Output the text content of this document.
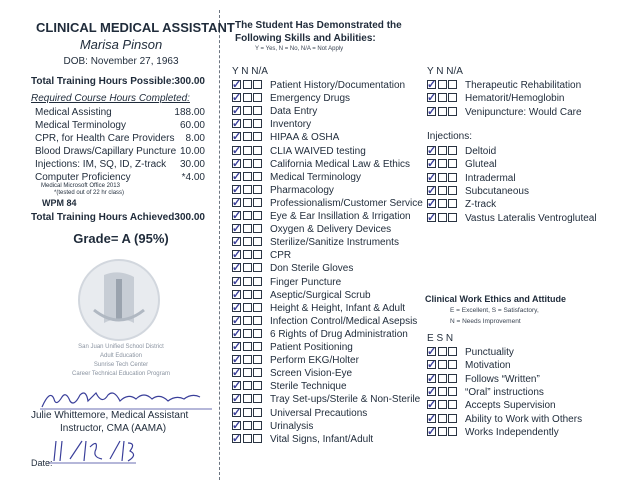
CLINICAL MEDICAL ASSISTANT
Marisa Pinson
DOB: November 27, 1963
Total Training Hours Possible: 300.00
Required Course Hours Completed:
Medical Assisting	188.00
Medical Terminology	60.00
CPR, for Health Care Providers 8.00
Blood Draws/Capillary Puncture 10.00
Injections: IM, SQ, ID, Z-track 30.00
Computer Proficiency	*4.00
Medical Microsoft Office 2013
*(tested out of 22 hr class)
WPM 84
Total Training Hours Achieved 300.00
Grade= A (95%)
San Juan Unified School District
Adult Education
Sunrise Tech Center
Career Technical Education Program
Julie Whittemore, Medical Assistant
Instructor, CMA (AAMA)
Date:
The Student Has Demonstrated the
Following Skills and Abilities:
Y = Yes, N = No, N/A = Not Apply
Y N N/A
✓	Patient History/Documentation
✓	Emergency Drugs
✓	Data Entry
✓	Inventory
✓	HIPAA & OSHA
✓	CLIA WAIVED testing
✓	California Medical Law & Ethics
✓	Medical Terminology
✓	Pharmacology
✓	Professionalism/Customer Service
✓	Eye & Ear Insillation & Irrigation
✓	Oxygen & Delivery Devices
✓	Sterilize/Sanitize Instruments
✓	CPR
✓	Don Sterile Gloves
✓	Finger Puncture
✓	Aseptic/Surgical Scrub
✓	Height & Height, Infant & Adult
✓	Infection Control/Medical Asepsis
✓	6 Rights of Drug Administration
✓	Patient Positioning
✓	Perform EKG/Holter
✓	Screen Vision-Eye
✓	Sterile Technique
✓	Tray Set-ups/Sterile & Non-Sterile
✓	Universal Precautions
✓	Urinalysis
✓	Vital Signs, Infant/Adult
Y N N/A
✓	Therapeutic Rehabilitation
✓	Hematorit/Hemoglobin
✓	Venipuncture: Would Care
Injections:
✓	Deltoid
✓	Gluteal
✓	Intradermal
✓	Subcutaneous
✓	Z-track
✓	Vastus Lateralis Ventrogluteal
Clinical Work Ethics and Attitude
E = Excellent, S = Satisfactory,
N = Needs Improvement
E S N
✓	Punctuality
✓	Motivation
✓	Follows “Written”
✓	“Oral” instructions
✓	Accepts Supervision
✓	Ability to Work with Others
✓	Works Independently
